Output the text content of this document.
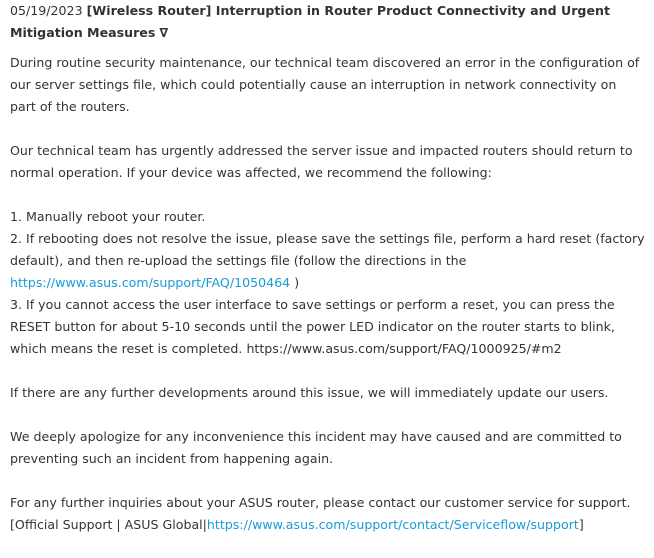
05/19/2023 [Wireless Router] Interruption in Router Product Connectivity and Urgent Mitigation Measures ∇

During routine security maintenance, our technical team discovered an error in the configuration of our server settings file, which could potentially cause an interruption in network connectivity on part of the routers.

Our technical team has urgently addressed the server issue and impacted routers should return to normal operation. If your device was affected, we recommend the following:

1. Manually reboot your router.
2. If rebooting does not resolve the issue, please save the settings file, perform a hard reset (factory default), and then re-upload the settings file (follow the directions in the
https://www.asus.com/support/FAQ/1050464 )
3. If you cannot access the user interface to save settings or perform a reset, you can press the RESET button for about 5-10 seconds until the power LED indicator on the router starts to blink, which means the reset is completed. https://www.asus.com/support/FAQ/1000925/#m2

If there are any further developments around this issue, we will immediately update our users.

We deeply apologize for any inconvenience this incident may have caused and are committed to preventing such an incident from happening again.

For any further inquiries about your ASUS router, please contact our customer service for support.
[Official Support | ASUS Global|https://www.asus.com/support/contact/Serviceflow/support]
